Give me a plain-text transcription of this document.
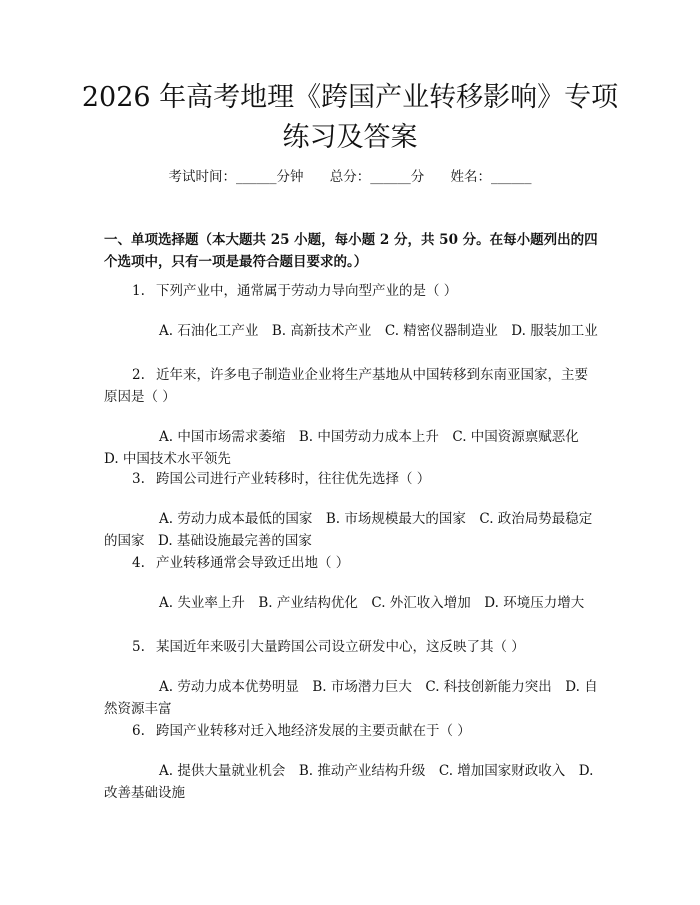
2026 年高考地理《跨国产业转移影响》专项练习及答案
考试时间：______分钟 总分：______分 姓名：______

一、单项选择题（本大题共 25 小题，每小题 2 分，共 50 分。在每小题列出的四个选项中，只有一项是最符合题目要求的。）

1. 下列产业中，通常属于劳动力导向型产业的是（ ）

A. 石油化工产业  B. 高新技术产业  C. 精密仪器制造业  D. 服装加工业

2. 近年来，许多电子制造业企业将生产基地从中国转移到东南亚国家，主要原因是（ ）

A. 中国市场需求萎缩  B. 中国劳动力成本上升  C. 中国资源禀赋恶化 D. 中国技术水平领先

3. 跨国公司进行产业转移时，往往优先选择（ ）

A. 劳动力成本最低的国家  B. 市场规模最大的国家  C. 政治局势最稳定的国家  D. 基础设施最完善的国家

4. 产业转移通常会导致迁出地（ ）

A. 失业率上升  B. 产业结构优化  C. 外汇收入增加  D. 环境压力增大

5. 某国近年来吸引大量跨国公司设立研发中心，这反映了其（ ）

A. 劳动力成本优势明显  B. 市场潜力巨大  C. 科技创新能力突出  D. 自然资源丰富

6. 跨国产业转移对迁入地经济发展的主要贡献在于（ ）

A. 提供大量就业机会  B. 推动产业结构升级  C. 增加国家财政收入  D. 改善基础设施
